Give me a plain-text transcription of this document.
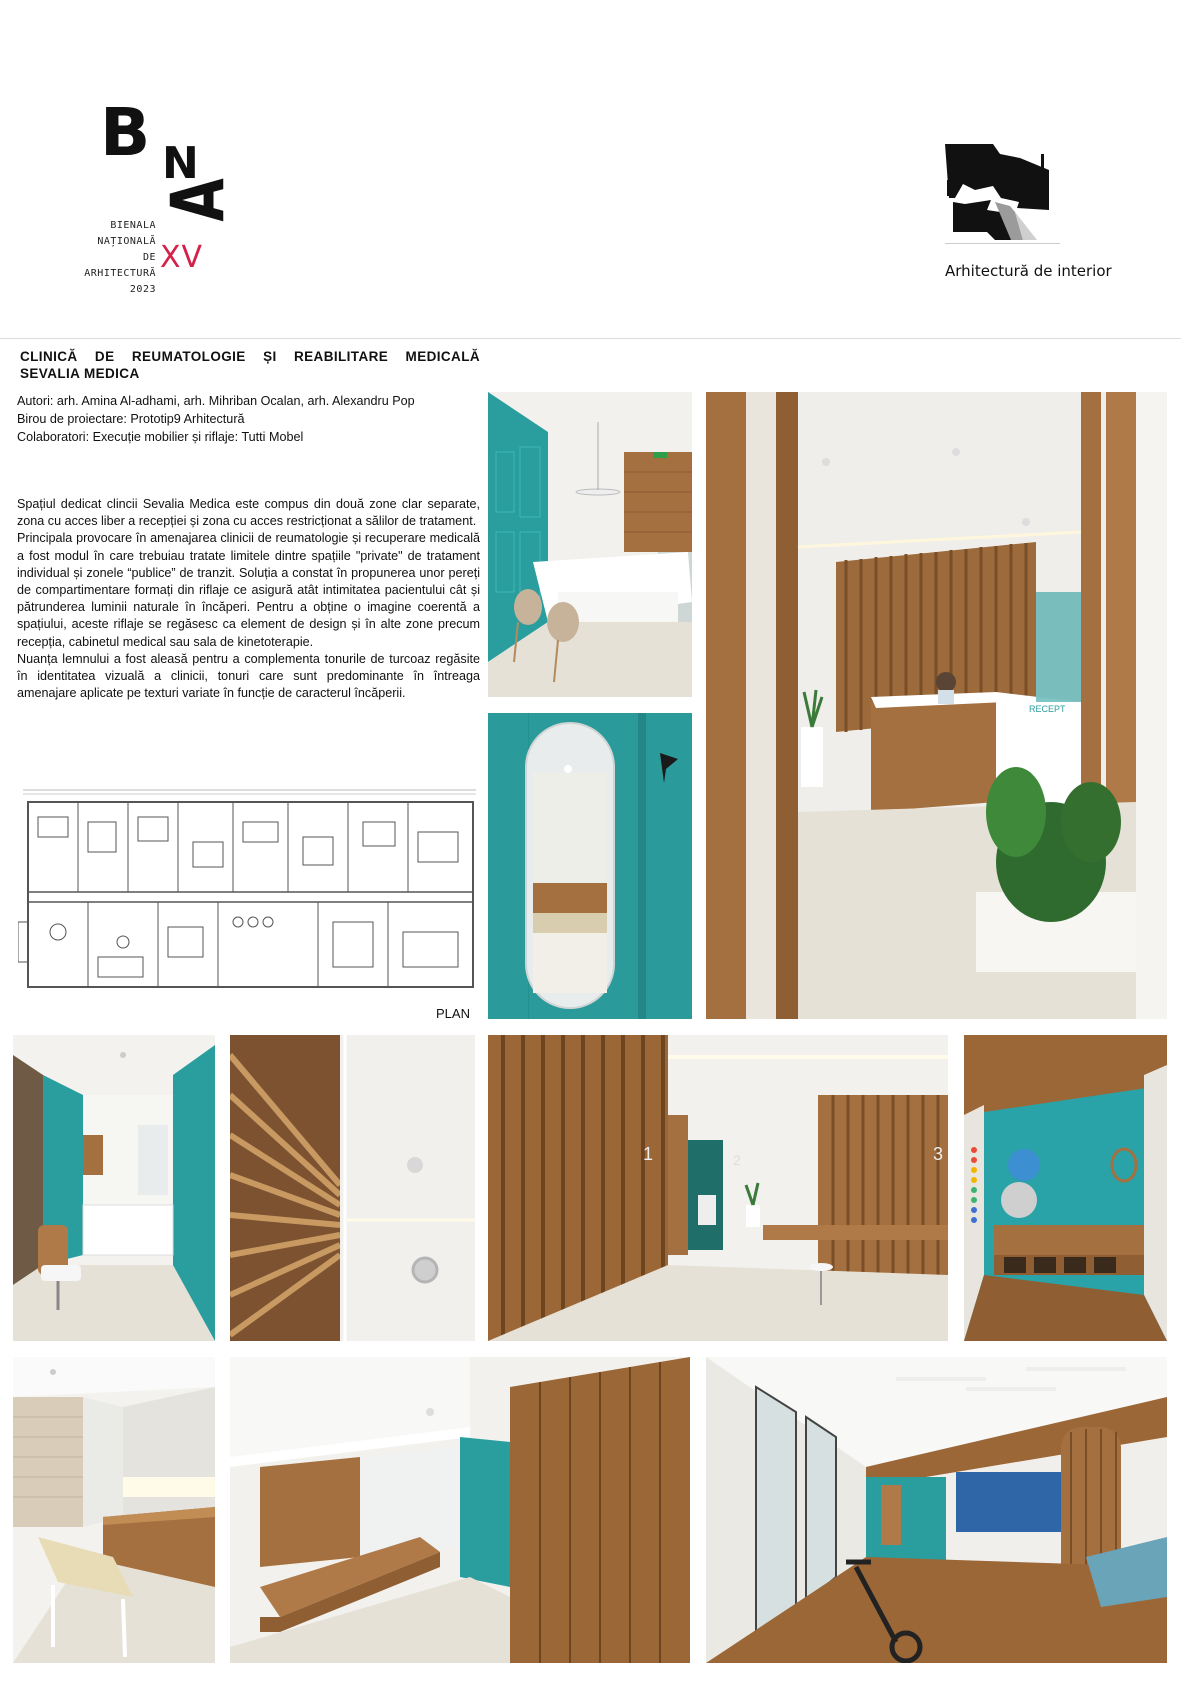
B N
A
BIENALA
NAȚIONALĂ
DE
ARHITECTURĂ
2023
XV	Arhitectură de interior
CLINICĂ DE REUMATOLOGIE ȘI REABILITARE MEDICALĂ
SEVALIA MEDICA
Autori: arh. Amina Al-adhami, arh. Mihriban Ocalan, arh. Alexandru Pop
Birou de proiectare: Prototip9 Arhitectură
Colaboratori: Execuție mobilier și riflaje: Tutti Mobel

Spațiul dedicat clincii Sevalia Medica este compus din două zone clar separate, zona cu acces liber a recepției și zona cu acces restricționat a sălilor de tratament.

Principala provocare în amenajarea clinicii de reumatologie și recuperare medicală a fost modul în care trebuiau tratate limitele dintre spațiile "private" de tratament individual și zonele “publice” de tranzit. Soluția a constat în propunerea unor pereți de compartimentare formați din riflaje ce asigură atât intimitatea pacientului cât și pătrunderea luminii naturale în încăperi. Pentru a obține o imagine coerentă a spațiului, aceste riflaje se regăsesc ca element de design și în alte zone precum recepția, cabinetul medical sau sala de kinetoterapie.

Nuanța lemnului a fost aleasă pentru a complementa tonurile de turcoaz regăsite în identitatea vizuală a clinicii, tonuri care sunt predominante în întreaga amenajare aplicate pe texturi variate în funcție de caracterul încăperii.

PLAN
RECEPT
1	2	3
